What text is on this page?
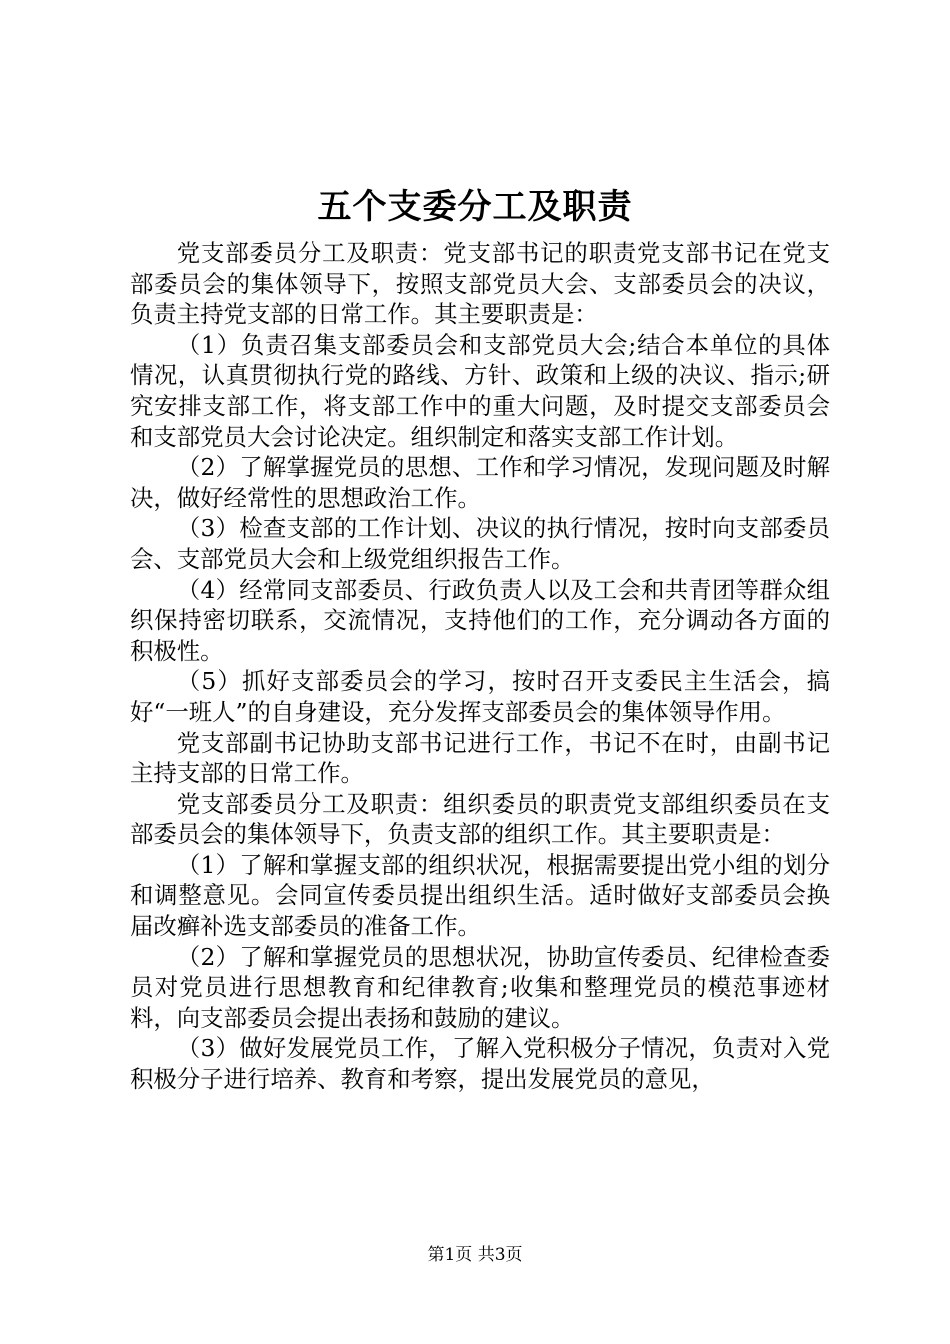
五个支委分工及职责

党支部委员分工及职责：党支部书记的职责党支部书记在党支部委员会的集体领导下，按照支部党员大会、支部委员会的决议，负责主持党支部的日常工作。其主要职责是：

（1）负责召集支部委员会和支部党员大会;结合本单位的具体情况，认真贯彻执行党的路线、方针、政策和上级的决议、指示;研究安排支部工作，将支部工作中的重大问题，及时提交支部委员会和支部党员大会讨论决定。组织制定和落实支部工作计划。

（2）了解掌握党员的思想、工作和学习情况，发现问题及时解决，做好经常性的思想政治工作。

（3）检查支部的工作计划、决议的执行情况，按时向支部委员会、支部党员大会和上级党组织报告工作。

（4）经常同支部委员、行政负责人以及工会和共青团等群众组织保持密切联系，交流情况，支持他们的工作，充分调动各方面的积极性。

（5）抓好支部委员会的学习，按时召开支委民主生活会，搞好“一班人”的自身建设，充分发挥支部委员会的集体领导作用。

党支部副书记协助支部书记进行工作，书记不在时，由副书记主持支部的日常工作。

党支部委员分工及职责：组织委员的职责党支部组织委员在支部委员会的集体领导下，负责支部的组织工作。其主要职责是：

（1）了解和掌握支部的组织状况，根据需要提出党小组的划分和调整意见。会同宣传委员提出组织生活。适时做好支部委员会换届改癣补选支部委员的准备工作。

（2）了解和掌握党员的思想状况，协助宣传委员、纪律检查委员对党员进行思想教育和纪律教育;收集和整理党员的模范事迹材料，向支部委员会提出表扬和鼓励的建议。

（3）做好发展党员工作，了解入党积极分子情况，负责对入党积极分子进行培养、教育和考察，提出发展党员的意见，

第1页 共3页
